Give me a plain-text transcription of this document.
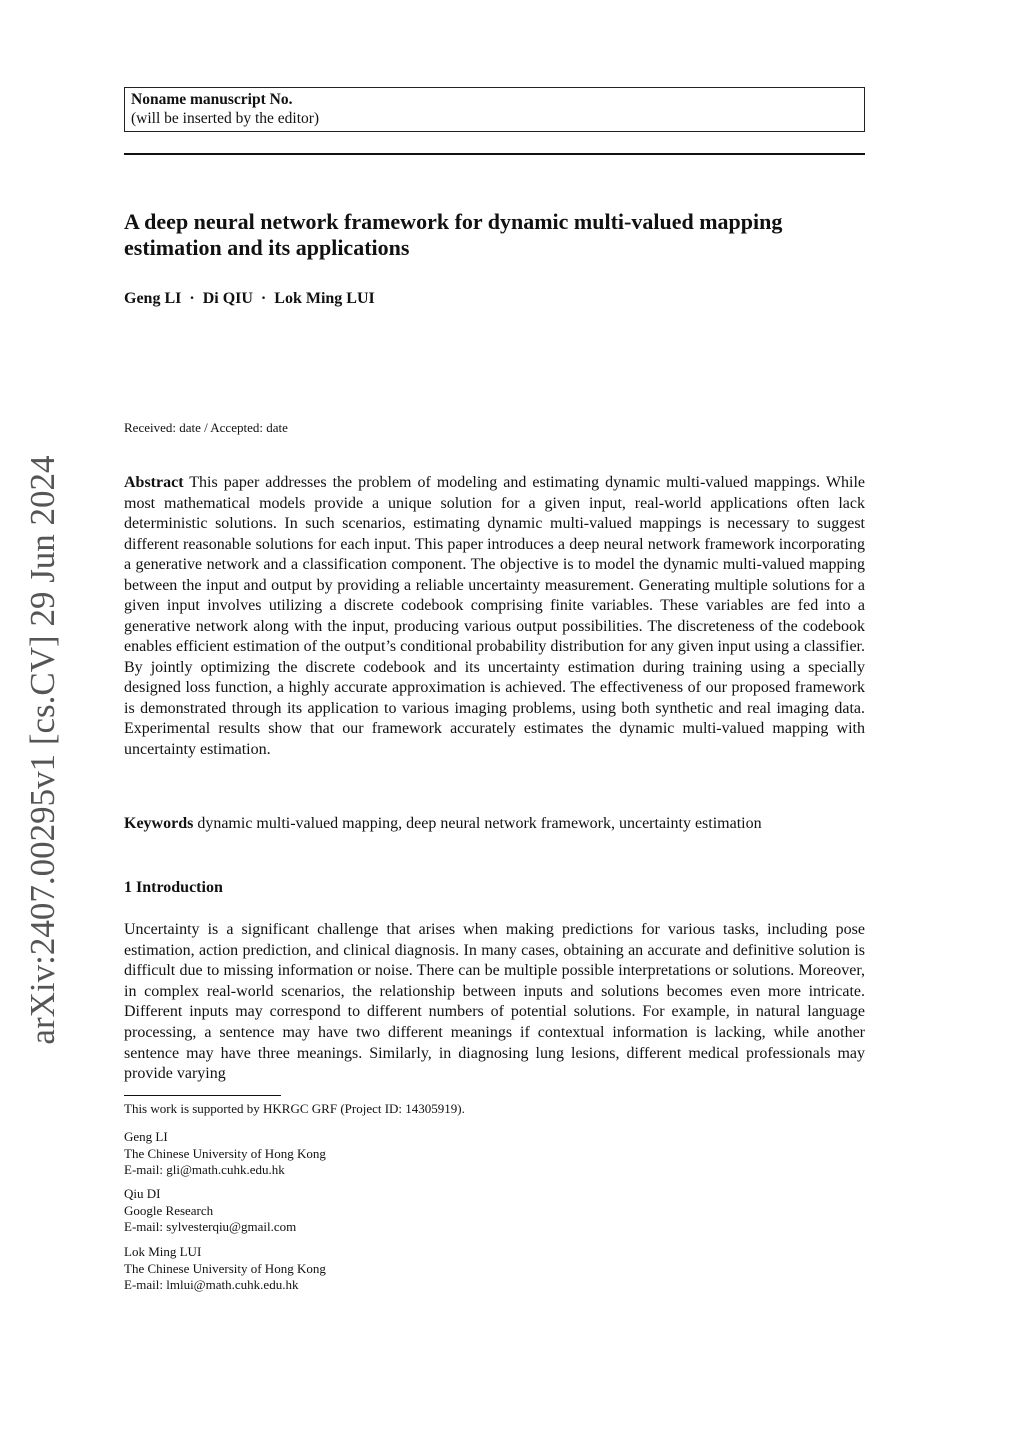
Noname manuscript No.
(will be inserted by the editor)
A deep neural network framework for dynamic multi-valued mapping estimation and its applications
Geng LI · Di QIU · Lok Ming LUI
Received: date / Accepted: date

Abstract This paper addresses the problem of modeling and estimating dynamic multi-valued mappings. While most mathematical models provide a unique solution for a given input, real-world applications often lack deterministic solutions. In such scenarios, estimating dynamic multi-valued mappings is necessary to suggest different reasonable solutions for each input. This paper introduces a deep neural network framework incorporating a generative network and a classification component. The objective is to model the dynamic multi-valued mapping between the input and output by providing a reliable uncertainty measurement. Generating multiple solutions for a given input involves utilizing a discrete codebook comprising finite variables. These variables are fed into a generative network along with the input, producing various output possibilities. The discreteness of the codebook enables efficient estimation of the output’s conditional probability distribution for any given input using a classifier. By jointly optimizing the discrete codebook and its uncertainty estimation during training using a specially designed loss function, a highly accurate approximation is achieved. The effectiveness of our proposed framework is demonstrated through its application to various imaging problems, using both synthetic and real imaging data. Experimental results show that our framework accurately estimates the dynamic multi-valued mapping with uncertainty estimation.

Keywords dynamic multi-valued mapping, deep neural network framework, uncertainty estimation

1 Introduction

Uncertainty is a significant challenge that arises when making predictions for various tasks, including pose estimation, action prediction, and clinical diagnosis. In many cases, obtaining an accurate and definitive solution is difficult due to missing information or noise. There can be multiple possible interpretations or solutions. Moreover, in complex real-world scenarios, the relationship between inputs and solutions becomes even more intricate. Different inputs may correspond to different numbers of potential solutions. For example, in natural language processing, a sentence may have two different meanings if contextual information is lacking, while another sentence may have three meanings. Similarly, in diagnosing lung lesions, different medical professionals may provide varying

This work is supported by HKRGC GRF (Project ID: 14305919).
Geng LI
The Chinese University of Hong Kong
E-mail: gli@math.cuhk.edu.hk
Qiu DI
Google Research
E-mail: sylvesterqiu@gmail.com
Lok Ming LUI
The Chinese University of Hong Kong
E-mail: lmlui@math.cuhk.edu.hk
arXiv:2407.00295v1 [cs.CV] 29 Jun 2024
